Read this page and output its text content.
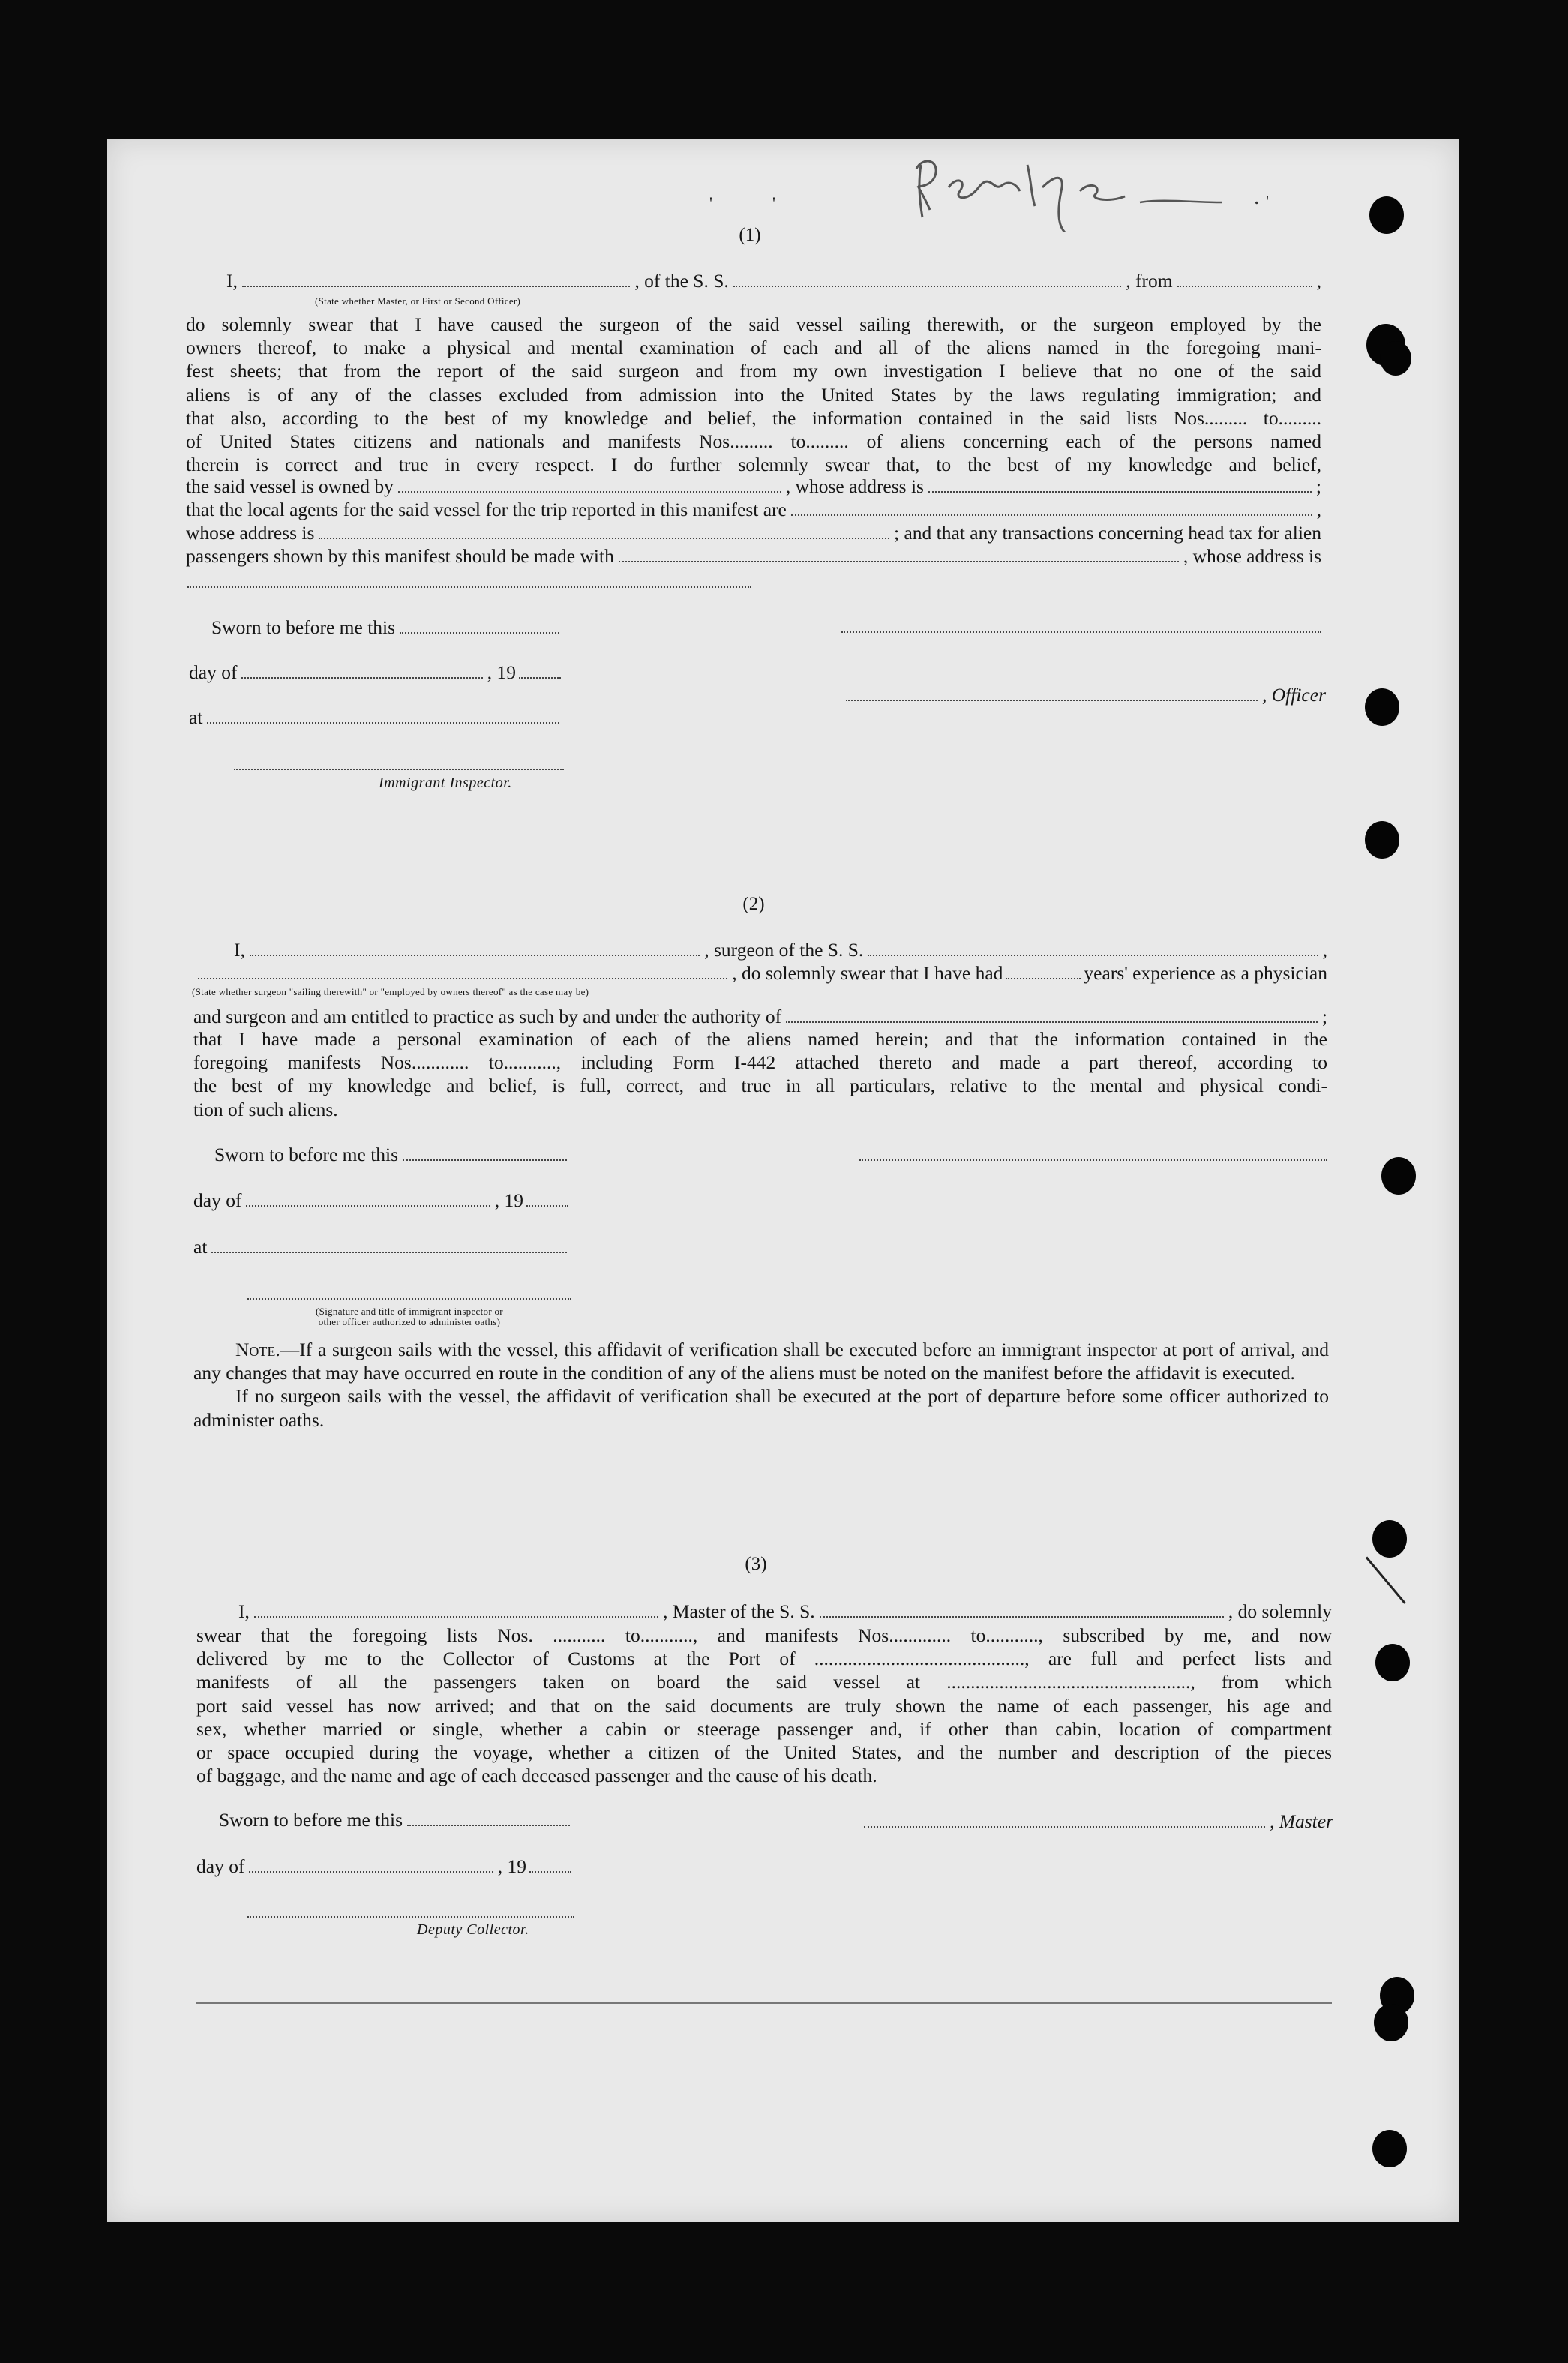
.
'	'	'
(1)
I,	, of the S. S.	, from	,
(State whether Master, or First or Second Officer)

do solemnly swear that I have caused the surgeon of the said vessel sailing therewith, or the surgeon employed by the

owners thereof, to make a physical and mental examination of each and all of the aliens named in the foregoing mani-

fest sheets; that from the report of the said surgeon and from my own investigation I believe that no one of the said

aliens is of any of the classes excluded from admission into the United States by the laws regulating immigration; and

that also, according to the best of my knowledge and belief, the information contained in the said lists Nos......... to.........

of United States citizens and nationals and manifests Nos......... to......... of aliens concerning each of the persons named

therein is correct and true in every respect. I do further solemnly swear that, to the best of my knowledge and belief,

the said vessel is owned by	, whose address is	;
that the local agents for the said vessel for the trip reported in this manifest are	,
whose address is	; and that any transactions concerning head tax for alien
passengers shown by this manifest should be made with	, whose address is
Sworn to before me this
day of	, 19
, Officer
at
Immigrant Inspector.
(2)
I,	, surgeon of the S. S.	,
, do solemnly swear that I have had	years' experience as a physician
(State whether surgeon "sailing therewith" or "employed by owners thereof" as the case may be)
and surgeon and am entitled to practice as such by and under the authority of	;

that I have made a personal examination of each of the aliens named herein; and that the information contained in the

foregoing manifests Nos............ to..........., including Form I-442 attached thereto and made a part thereof, according to

the best of my knowledge and belief, is full, correct, and true in all particulars, relative to the mental and physical condi-

tion of such aliens.

Sworn to before me this
day of	, 19
at
(Signature and title of immigrant inspector or
other officer authorized to administer oaths)

Note.—If a surgeon sails with the vessel, this affidavit of verification shall be executed before an immigrant inspector at port of arrival, and any changes that may have occurred en route in the condition of any of the aliens must be noted on the manifest before the affidavit is executed.

If no surgeon sails with the vessel, the affidavit of verification shall be executed at the port of departure before some officer authorized to administer oaths.

(3)
I,	, Master of the S. S.	, do solemnly

swear that the foregoing lists Nos. ........... to..........., and manifests Nos............. to..........., subscribed by me, and now

delivered by me to the Collector of Customs at the Port of ............................................, are full and perfect lists and

manifests of all the passengers taken on board the said vessel at ..................................................., from which

port said vessel has now arrived; and that on the said documents are truly shown the name of each passenger, his age and

sex, whether married or single, whether a cabin or steerage passenger and, if other than cabin, location of compartment

or space occupied during the voyage, whether a citizen of the United States, and the number and description of the pieces

of baggage, and the name and age of each deceased passenger and the cause of his death.

Sworn to before me this	, Master
day of	, 19
Deputy Collector.
